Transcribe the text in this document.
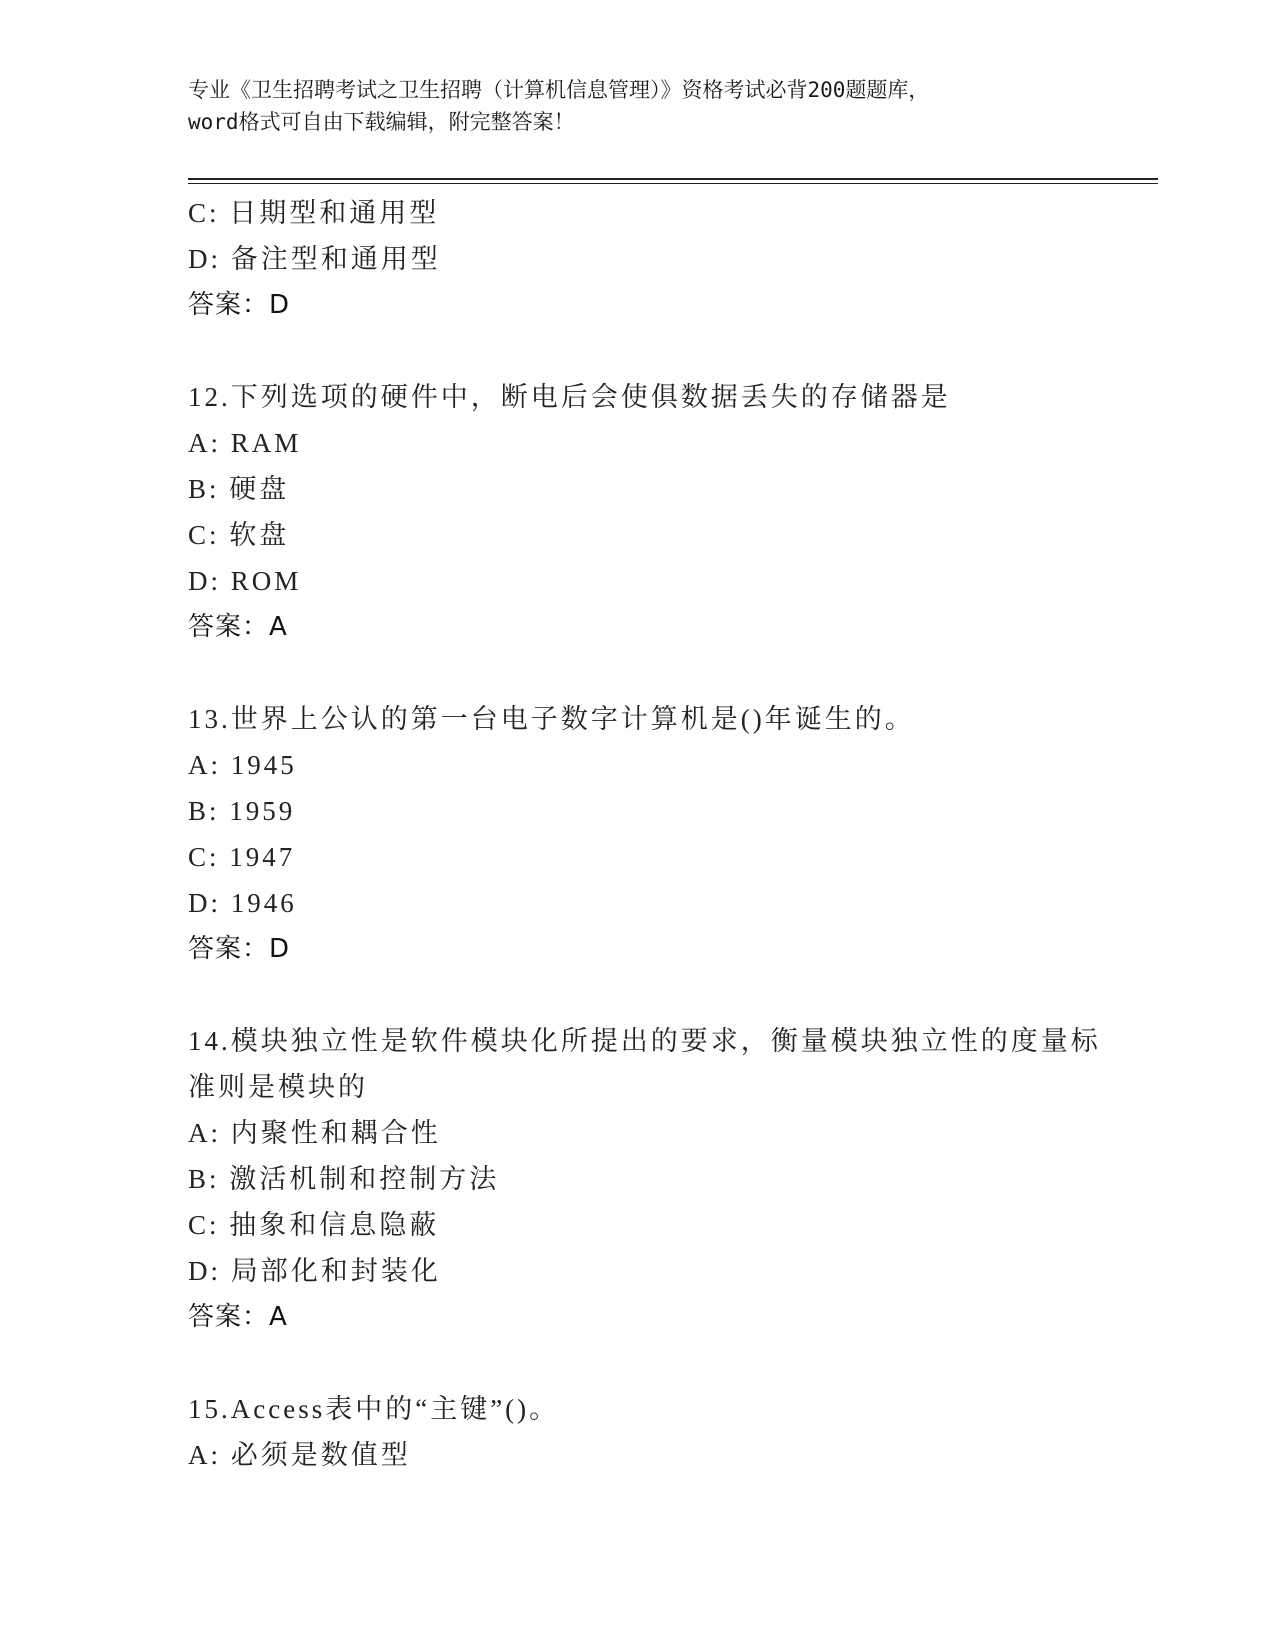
专业《卫生招聘考试之卫生招聘（计算机信息管理）》资格考试必背200题题库，
word格式可自由下载编辑，附完整答案！
C: 日期型和通用型
D: 备注型和通用型
答案：D
12.下列选项的硬件中，断电后会使俱数据丢失的存储器是
A: RAM
B: 硬盘
C: 软盘
D: ROM
答案：A
13.世界上公认的第一台电子数字计算机是()年诞生的。
A: 1945
B: 1959
C: 1947
D: 1946
答案：D
14.模块独立性是软件模块化所提出的要求，衡量模块独立性的度量标
准则是模块的
A: 内聚性和耦合性
B: 激活机制和控制方法
C: 抽象和信息隐蔽
D: 局部化和封装化
答案：A
15.Access表中的“主键”()。
A: 必须是数值型
